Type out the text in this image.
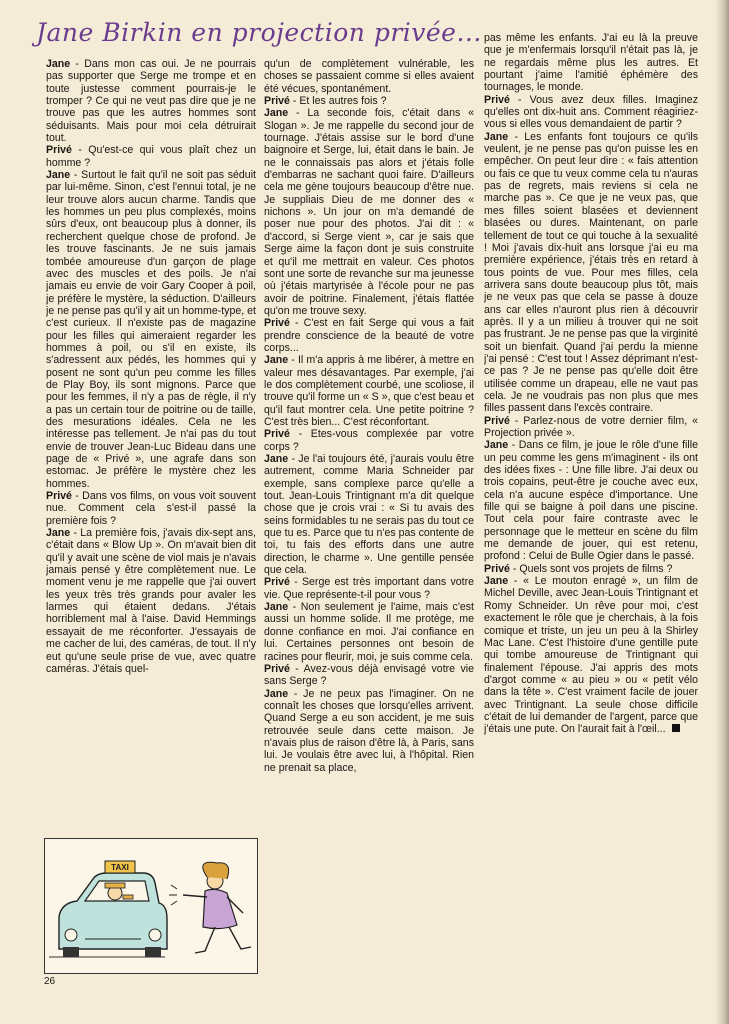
Jane Birkin en projection privée...

Jane - Dans mon cas oui. Je ne pourrais pas supporter que Serge me trompe et en toute justesse comment pourrais-je le tromper ? Ce qui ne veut pas dire que je ne trouve pas que les autres hommes sont séduisants. Mais pour moi cela détruirait tout.

Privé - Qu'est-ce qui vous plaît chez un homme ?

Jane - Surtout le fait qu'il ne soit pas séduit par lui-même. Sinon, c'est l'ennui total, je ne leur trouve alors aucun charme. Tandis que les hommes un peu plus complexés, moins sûrs d'eux, ont beaucoup plus à donner, ils recherchent quelque chose de profond. Je les trouve fascinants. Je ne suis jamais tombée amoureuse d'un garçon de plage avec des muscles et des poils. Je n'ai jamais eu envie de voir Gary Cooper à poil, je préfère le mystère, la séduction. D'ailleurs je ne pense pas qu'il y ait un homme-type, et c'est curieux. Il n'existe pas de magazine pour les filles qui aimeraient regarder les hommes à poil, ou s'il en existe, ils s'adressent aux pédés, les hommes qui y posent ne sont qu'un peu comme les filles de Play Boy, ils sont mignons. Parce que pour les femmes, il n'y a pas de règle, il n'y a pas un certain tour de poitrine ou de taille, des mesurations idéales. Cela ne les intéresse pas tellement. Je n'ai pas du tout envie de trouver Jean-Luc Bideau dans une page de « Privé », une agrafe dans son estomac. Je préfère le mystère chez les hommes.

Privé - Dans vos films, on vous voit souvent nue. Comment cela s'est-il passé la première fois ?

Jane - La première fois, j'avais dix-sept ans, c'était dans « Blow Up ». On m'avait bien dit qu'il y avait une scène de viol mais je n'avais jamais pensé y être complètement nue. Le moment venu je me rappelle que j'ai ouvert les yeux très très grands pour avaler les larmes qui étaient dedans. J'étais horriblement mal à l'aise. David Hemmings essayait de me réconforter. J'essayais de me cacher de lui, des caméras, de tout. Il n'y eut qu'une seule prise de vue, avec quatre caméras. J'étais quel-

qu'un de complètement vulnérable, les choses se passaient comme si elles avaient été vécues, spontanément.

Privé - Et les autres fois ?

Jane - La seconde fois, c'était dans « Slogan ». Je me rappelle du second jour de tournage. J'étais assise sur le bord d'une baignoire et Serge, lui, était dans le bain. Je ne le connaissais pas alors et j'étais folle d'embarras ne sachant quoi faire. D'ailleurs cela me gène toujours beaucoup d'être nue. Je suppliais Dieu de me donner des « nichons ». Un jour on m'a demandé de poser nue pour des photos. J'ai dit : « d'accord, si Serge vient », car je sais que Serge aime la façon dont je suis construite et qu'il me mettrait en valeur. Ces photos sont une sorte de revanche sur ma jeunesse où j'étais martyrisée à l'école pour ne pas avoir de poitrine. Finalement, j'étais flattée qu'on me trouve sexy.

Privé - C'est en fait Serge qui vous a fait prendre conscience de la beauté de votre corps...

Jane - Il m'a appris à me libérer, à mettre en valeur mes désavantages. Par exemple, j'ai le dos complètement courbé, une scoliose, il trouve qu'il forme un « S », que c'est beau et qu'il faut montrer cela. Une petite poitrine ? C'est très bien... C'est réconfortant.

Privé - Etes-vous complexée par votre corps ?

Jane - Je l'ai toujours été, j'aurais voulu être autrement, comme Maria Schneider par exemple, sans complexe parce qu'elle a tout. Jean-Louis Trintignant m'a dit quelque chose que je crois vrai : « Si tu avais des seins formidables tu ne serais pas du tout ce que tu es. Parce que tu n'es pas contente de toi, tu fais des efforts dans une autre direction, le charme ». Une gentille pensée que cela.

Privé - Serge est très important dans votre vie. Que représente-t-il pour vous ?

Jane - Non seulement je l'aime, mais c'est aussi un homme solide. Il me protège, me donne confiance en moi. J'ai confiance en lui. Certaines personnes ont besoin de racines pour fleurir, moi, je suis comme cela.

Privé - Avez-vous déjà envisagé votre vie sans Serge ?

Jane - Je ne peux pas l'imaginer. On ne connaît les choses que lorsqu'elles arrivent. Quand Serge a eu son accident, je me suis retrouvée seule dans cette maison. Je n'avais plus de raison d'être là, à Paris, sans lui. Je voulais être avec lui, à l'hôpital. Rien ne prenait sa place,

pas même les enfants. J'ai eu là la preuve que je m'enfermais lorsqu'il n'était pas là, je ne regardais même plus les autres. Et pourtant j'aime l'amitié éphémère des tournages, le monde.

Privé - Vous avez deux filles. Imaginez qu'elles ont dix-huit ans. Comment réagiriez-vous si elles vous demandaient de partir ?

Jane - Les enfants font toujours ce qu'ils veulent, je ne pense pas qu'on puisse les en empêcher. On peut leur dire : « fais attention ou fais ce que tu veux comme cela tu n'auras pas de regrets, mais reviens si cela ne marche pas ». Ce que je ne veux pas, que mes filles soient blasées et deviennent blasées ou dures. Maintenant, on parle tellement de tout ce qui touche à la sexualité ! Moi j'avais dix-huit ans lorsque j'ai eu ma première expérience, j'étais très en retard à tous points de vue. Pour mes filles, cela arrivera sans doute beaucoup plus tôt, mais je ne veux pas que cela se passe à douze ans car elles n'auront plus rien à découvrir après. Il y a un milieu à trouver qui ne soit pas frustrant. Je ne pense pas que la virginité soit un bienfait. Quand j'ai perdu la mienne j'ai pensé : C'est tout ! Assez déprimant n'est-ce pas ? Je ne pense pas qu'elle doit être utilisée comme un drapeau, elle ne vaut pas cela. Je ne voudrais pas non plus que mes filles passent dans l'excès contraire.

Privé - Parlez-nous de votre dernier film, « Projection privée ».

Jane - Dans ce film, je joue le rôle d'une fille un peu comme les gens m'imaginent - ils ont des idées fixes - : Une fille libre. J'ai deux ou trois copains, peut-être je couche avec eux, cela n'a aucune espèce d'importance. Une fille qui se baigne à poil dans une piscine. Tout cela pour faire contraste avec le personnage que le metteur en scène du film me demande de jouer, qui est retenu, profond : Celui de Bulle Ogier dans le passé.

Privé - Quels sont vos projets de films ?

Jane - « Le mouton enragé », un film de Michel Deville, avec Jean-Louis Trintignant et Romy Schneider. Un rêve pour moi, c'est exactement le rôle que je cherchais, à la fois comique et triste, un jeu un peu à la Shirley Mac Lane. C'est l'histoire d'une gentille pute qui tombe amoureuse de Trintignant qui finalement l'épouse. J'ai appris des mots d'argot comme « au pieu » ou « petit vélo dans la tête ». C'est vraiment facile de jouer avec Trintignant. La seule chose difficile c'était de lui demander de l'argent, parce que j'étais une pute. On l'aurait fait à l'œil...

TAXI
26
